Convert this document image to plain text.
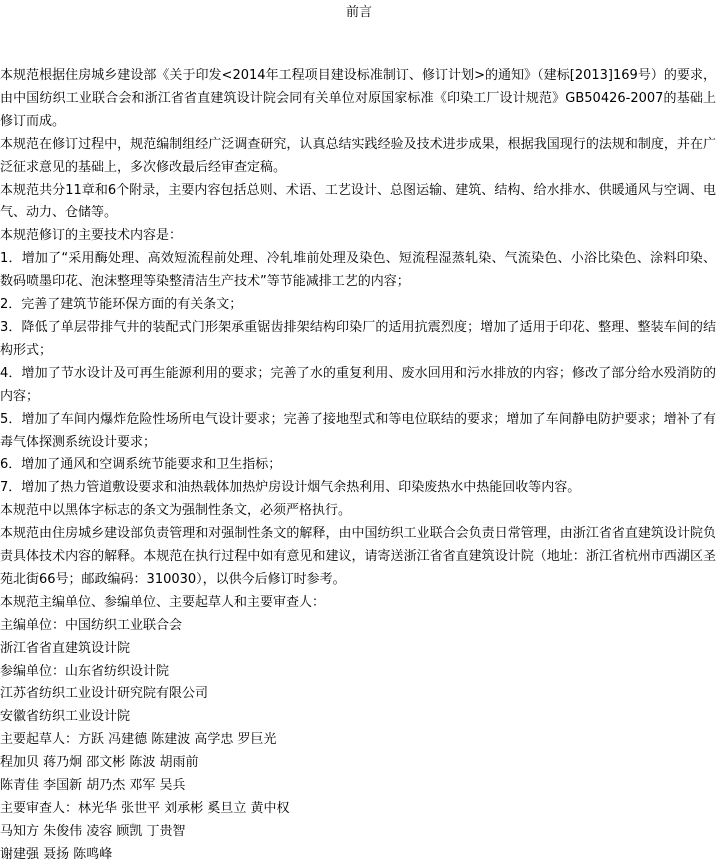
前言

本规范根据住房城乡建设部《关于印发<2014年工程项目建设标准制订、修订计划>的通知》（建标[2013]169号）的要求，由中国纺织工业联合会和浙江省省直建筑设计院会同有关单位对原国家标准《印染工厂设计规范》GB50426-2007的基础上修订而成。

本规范在修订过程中，规范编制组经广泛调查研究，认真总结实践经验及技术进步成果，根据我国现行的法规和制度，并在广泛征求意见的基础上，多次修改最后经审查定稿。

本规范共分11章和6个附录，主要内容包括总则、术语、工艺设计、总图运输、建筑、结构、给水排水、供暖通风与空调、电气、动力、仓储等。

本规范修订的主要技术内容是：

1．增加了“采用酶处理、高效短流程前处理、冷轧堆前处理及染色、短流程湿蒸轧染、气流染色、小浴比染色、涂料印染、数码喷墨印花、泡沫整理等染整清洁生产技术”等节能减排工艺的内容；

2．完善了建筑节能环保方面的有关条文；

3．降低了单层带排气井的装配式门形架承重锯齿排架结构印染厂的适用抗震烈度；增加了适用于印花、整理、整装车间的结构形式；

4．增加了节水设计及可再生能源利用的要求；完善了水的重复利用、废水回用和污水排放的内容；修改了部分给水殁消防的内容；

5．增加了车间内爆炸危险性场所电气设计要求；完善了接地型式和等电位联结的要求；增加了车间静电防护要求；增补了有毒气体探测系统设计要求；

6．增加了通风和空调系统节能要求和卫生指标；

7．增加了热力管道敷设要求和油热载体加热炉房设计烟气余热利用、印染废热水中热能回收等内容。

本规范中以黑体字标志的条文为强制性条文，必须严格执行。

本规范由住房城乡建设部负责管理和对强制性条文的解释，由中国纺织工业联合会负责日常管理，由浙江省省直建筑设计院负责具体技术内容的解释。本规范在执行过程中如有意见和建议，请寄送浙江省省直建筑设计院（地址：浙江省杭州市西湖区圣苑北街66号；邮政编码：310030），以供今后修订时参考。

本规范主编单位、参编单位、主要起草人和主要审查人：

主编单位：中国纺织工业联合会

浙江省省直建筑设计院

参编单位：山东省纺织设计院

江苏省纺织工业设计研究院有限公司

安徽省纺织工业设计院

主要起草人：方跃 冯建德 陈建波 高学忠 罗巨光

程加贝 蒋乃炯 邵文彬 陈波 胡雨前

陈青佳 李国新 胡乃杰 邓军 吴兵

主要审查人：林光华 张世平 刘承彬 奚旦立 黄中权

马知方 朱俊伟 凌容 顾凯 丁贵智

谢建强 聂扬 陈鸣峰
